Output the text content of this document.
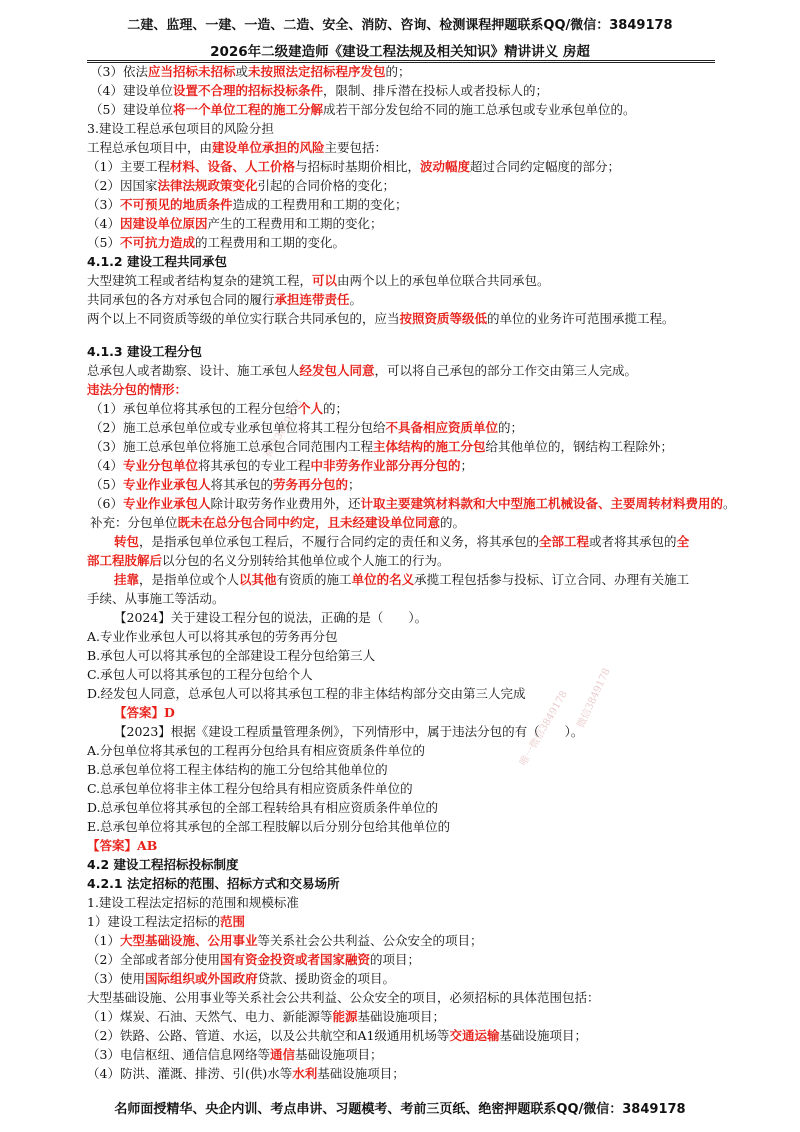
二建、监理、一建、一造、二造、安全、消防、咨询、检测课程押题联系QQ/微信：3849178
2026年二级建造师《建设工程法规及相关知识》精讲讲义 房超
微信3849178
微信3849178
唯一微信3849178
（3）依法应当招标未招标或未按照法定招标程序发包的；
（4）建设单位设置不合理的招标投标条件，限制、排斥潜在投标人或者投标人的；
（5）建设单位将一个单位工程的施工分解成若干部分发包给不同的施工总承包或专业承包单位的。
3.建设工程总承包项目的风险分担
工程总承包项目中，由建设单位承担的风险主要包括：
（1）主要工程材料、设备、人工价格与招标时基期价相比，波动幅度超过合同约定幅度的部分；
（2）因国家法律法规政策变化引起的合同价格的变化；
（3）不可预见的地质条件造成的工程费用和工期的变化；
（4）因建设单位原因产生的工程费用和工期的变化；
（5）不可抗力造成的工程费用和工期的变化。
4.1.2 建设工程共同承包
大型建筑工程或者结构复杂的建筑工程，可以由两个以上的承包单位联合共同承包。
共同承包的各方对承包合同的履行承担连带责任。
两个以上不同资质等级的单位实行联合共同承包的，应当按照资质等级低的单位的业务许可范围承揽工程。
4.1.3 建设工程分包
总承包人或者勘察、设计、施工承包人经发包人同意，可以将自己承包的部分工作交由第三人完成。
违法分包的情形：
（1）承包单位将其承包的工程分包给个人的；
（2）施工总承包单位或专业承包单位将其工程分包给不具备相应资质单位的；
（3）施工总承包单位将施工总承包合同范围内工程主体结构的施工分包给其他单位的，钢结构工程除外；
（4）专业分包单位将其承包的专业工程中非劳务作业部分再分包的；
（5）专业作业承包人将其承包的劳务再分包的；
（6）专业作业承包人除计取劳务作业费用外，还计取主要建筑材料款和大中型施工机械设备、主要周转材料费用的。
补充：分包单位既未在总分包合同中约定，且未经建设单位同意的。
转包，是指承包单位承包工程后，不履行合同约定的责任和义务，将其承包的全部工程或者将其承包的全
部工程肢解后以分包的名义分别转给其他单位或个人施工的行为。
挂靠，是指单位或个人以其他有资质的施工单位的名义承揽工程包括参与投标、订立合同、办理有关施工
手续、从事施工等活动。
【2024】关于建设工程分包的说法，正确的是（　　）。
A.专业作业承包人可以将其承包的劳务再分包
B.承包人可以将其承包的全部建设工程分包给第三人
C.承包人可以将其承包的工程分包给个人
D.经发包人同意，总承包人可以将其承包工程的非主体结构部分交由第三人完成
【答案】D
【2023】根据《建设工程质量管理条例》，下列情形中，属于违法分包的有（　　）。
A.分包单位将其承包的工程再分包给具有相应资质条件单位的
B.总承包单位将工程主体结构的施工分包给其他单位的
C.总承包单位将非主体工程分包给具有相应资质条件单位的
D.总承包单位将其承包的全部工程转给具有相应资质条件单位的
E.总承包单位将其承包的全部工程肢解以后分别分包给其他单位的
【答案】AB
4.2 建设工程招标投标制度
4.2.1 法定招标的范围、招标方式和交易场所
1.建设工程法定招标的范围和规模标准
1）建设工程法定招标的范围
（1）大型基础设施、公用事业等关系社会公共利益、公众安全的项目；
（2）全部或者部分使用国有资金投资或者国家融资的项目；
（3）使用国际组织或外国政府贷款、援助资金的项目。
大型基础设施、公用事业等关系社会公共利益、公众安全的项目，必须招标的具体范围包括：
（1）煤炭、石油、天然气、电力、新能源等能源基础设施项目；
（2）铁路、公路、管道、水运，以及公共航空和A1级通用机场等交通运输基础设施项目；
（3）电信枢纽、通信信息网络等通信基础设施项目；
（4）防洪、灌溉、排涝、引(供)水等水利基础设施项目；
名师面授精华、央企内训、考点串讲、习题模考、考前三页纸、绝密押题联系QQ/微信：3849178
